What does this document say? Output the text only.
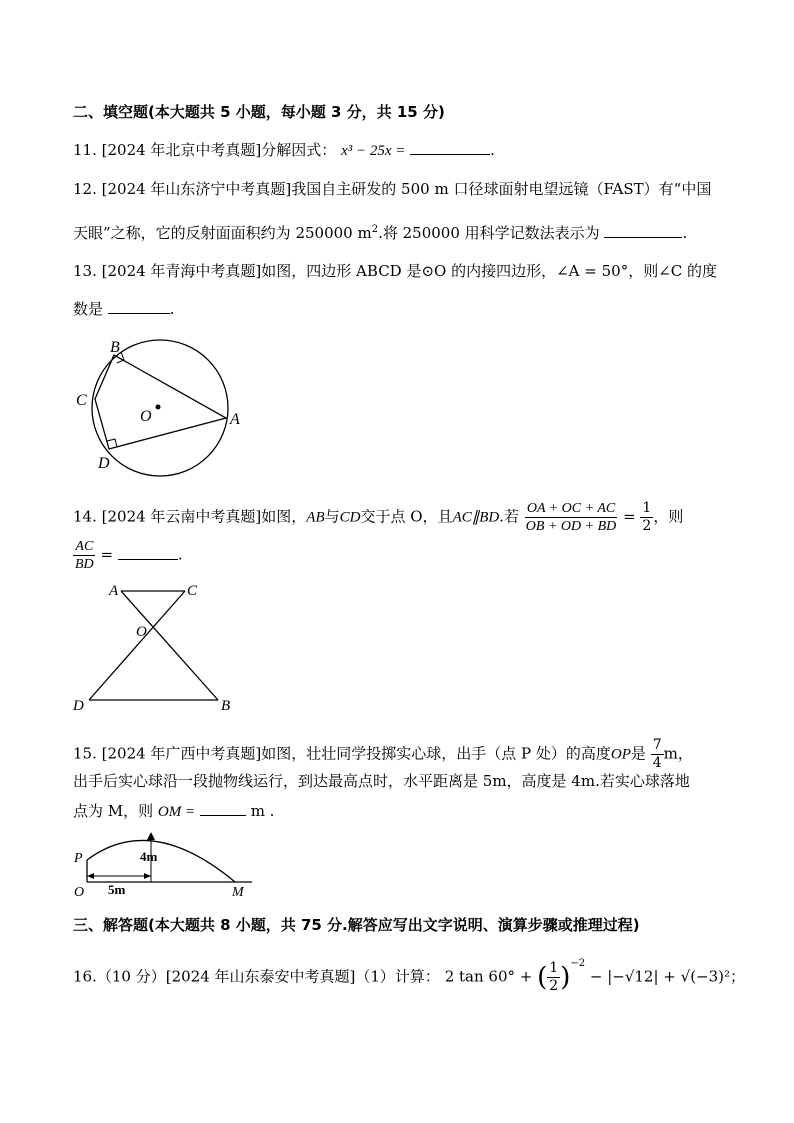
二、填空题(本大题共 5 小题，每小题 3 分，共 15 分)
11. [2024 年北京中考真题]分解因式： x³ − 25x =	.
12. [2024 年山东济宁中考真题]我国自主研发的 500 m 口径球面射电望远镜（FAST）有“中国
天眼”之称，它的反射面面积约为 250000 $m^2$.将 250000 用科学记数法表示为	.
13. [2024 年青海中考真题]如图，四边形 ABCD 是⊙O 的内接四边形，∠A = 50°，则∠C 的度
数是	.
B
C
O	A
D
14. [2024 年云南中考真题]如图，AB与CD交于点 O，且AC∥BD.若 $\frac{OA + OC + AC}{OB + OD + BD} = \frac{1}{2}$ ，则
$\frac{AC}{BD}$ =	.
A	C
O
D	B
15. [2024 年广西中考真题]如图，壮壮同学投掷实心球，出手（点 P 处）的高度OP是 $\frac{7}{4}$ m，
出手后实心球沿一段抛物线运行，到达最高点时，水平距离是 5m，高度是 4m.若实心球落地
点为 M，则 OM =	m .
P
O	M
4m
5m
三、解答题(本大题共 8 小题，共 75 分.解答应写出文字说明、演算步骤或推理过程)
16.（10 分）[2024 年山东泰安中考真题]（1）计算： 2 tan 60° + ( $\frac{1}{2} )^{-2} - |-√12| + √(-3)^2$；
